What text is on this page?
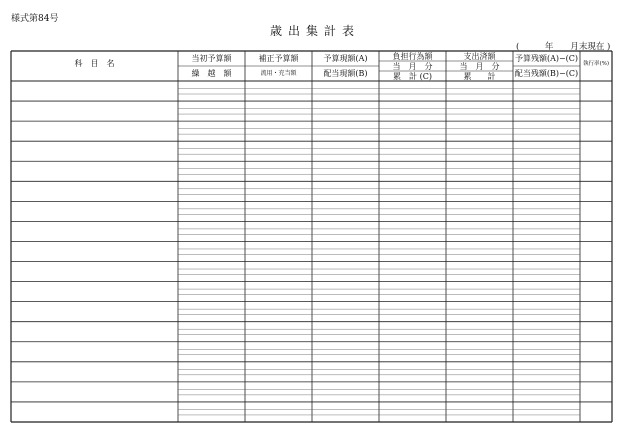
様式第84号
歳出集計表
(　　　年　　月末現在 )
科　目　名
当初予算額
繰　越　額
補正予算額
流用・充当額
予算現額(A)
配当現額(B)
負担行為額
当　月　分
累　計 (C)
支出済額
当　月　分
累　　計
予算残額(A)−(C)
配当残額(B)−(C)
執行率(%)
